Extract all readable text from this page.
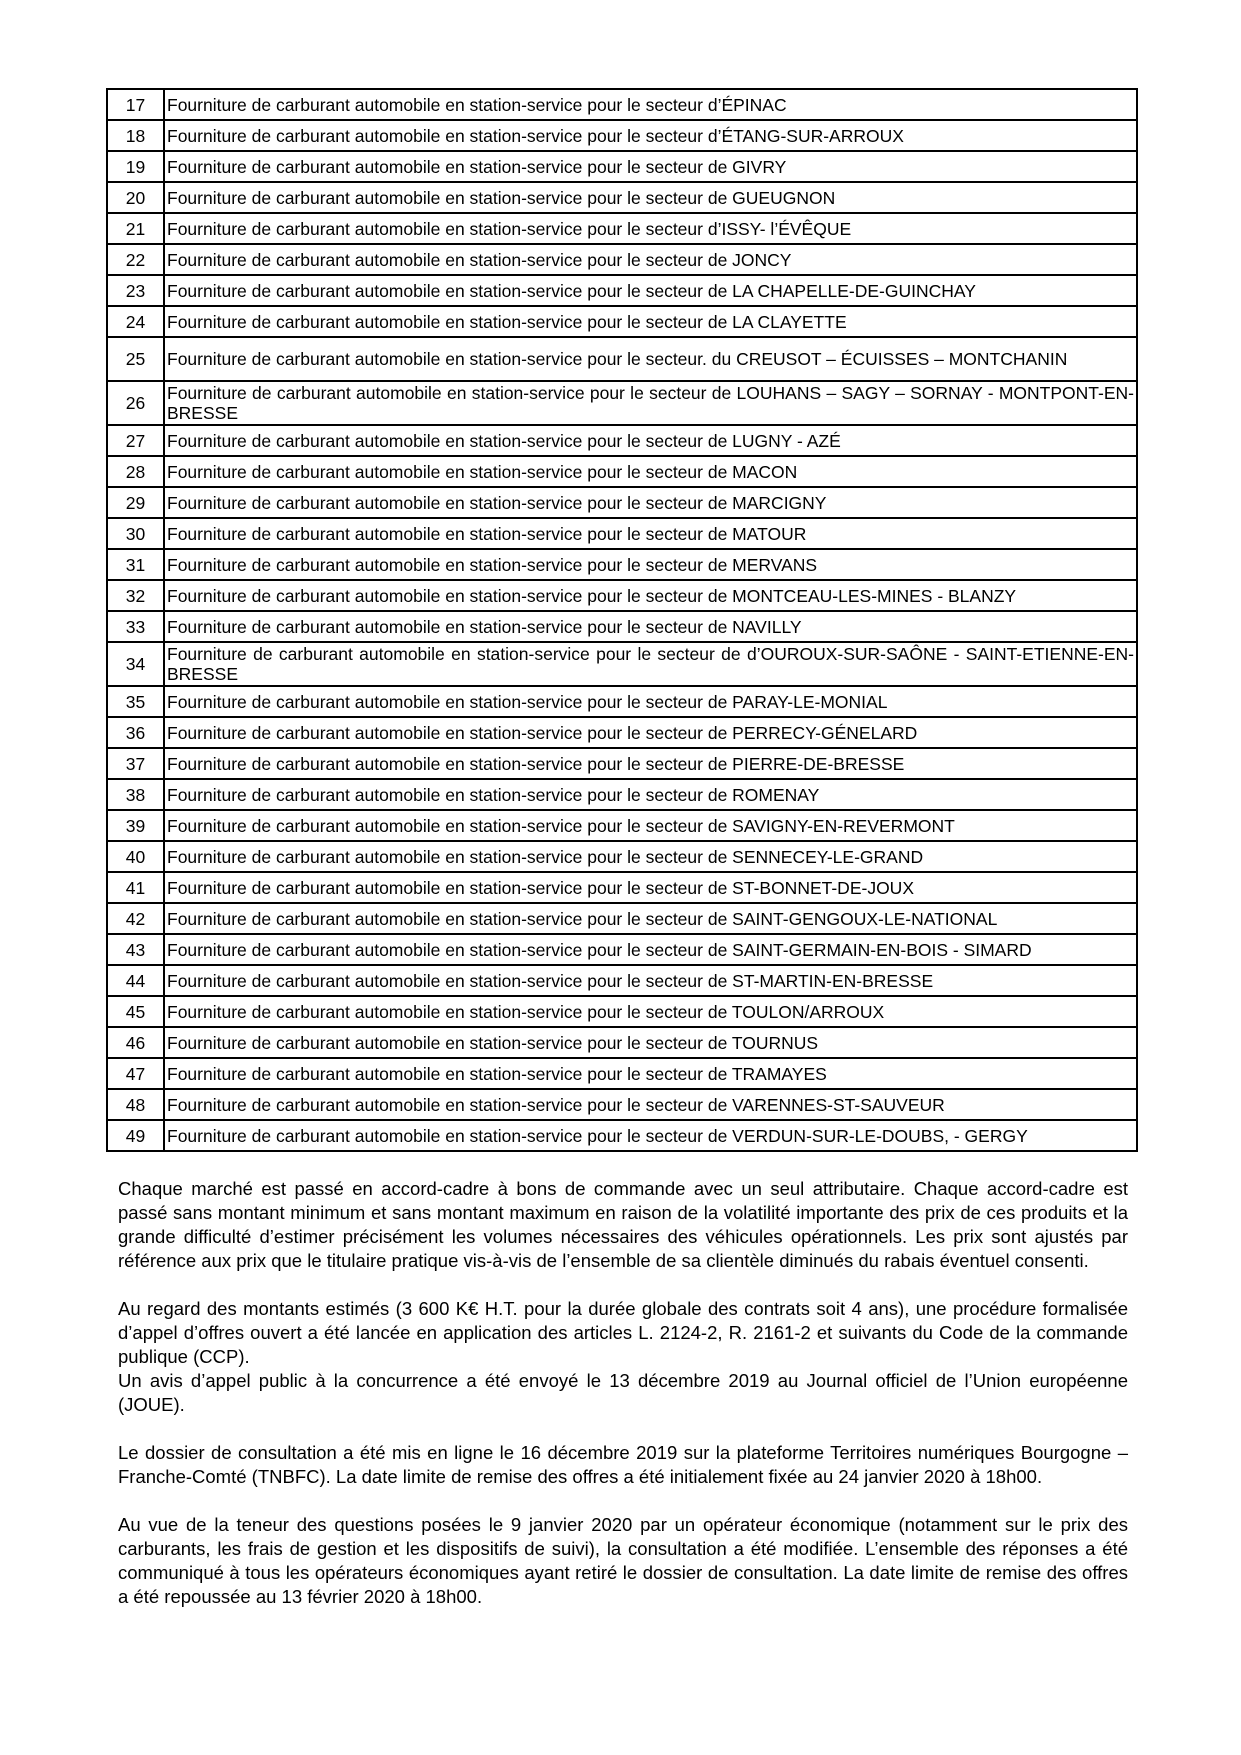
17	Fourniture de carburant automobile en station-service pour le secteur d’ÉPINAC
18	Fourniture de carburant automobile en station-service pour le secteur d’ÉTANG-SUR-ARROUX
19	Fourniture de carburant automobile en station-service pour le secteur de GIVRY
20	Fourniture de carburant automobile en station-service pour le secteur de GUEUGNON
21	Fourniture de carburant automobile en station-service pour le secteur d’ISSY- l’ÉVÊQUE
22	Fourniture de carburant automobile en station-service pour le secteur de JONCY
23	Fourniture de carburant automobile en station-service pour le secteur de LA CHAPELLE-DE-GUINCHAY
24	Fourniture de carburant automobile en station-service pour le secteur de LA CLAYETTE
25	Fourniture de carburant automobile en station-service pour le secteur. du CREUSOT – ÉCUISSES – MONTCHANIN
26	Fourniture de carburant automobile en station-service pour le secteur de LOUHANS – SAGY – SORNAY - MONTPONT-EN-BRESSE
27	Fourniture de carburant automobile en station-service pour le secteur de LUGNY - AZÉ
28	Fourniture de carburant automobile en station-service pour le secteur de MACON
29	Fourniture de carburant automobile en station-service pour le secteur de MARCIGNY
30	Fourniture de carburant automobile en station-service pour le secteur de MATOUR
31	Fourniture de carburant automobile en station-service pour le secteur de MERVANS
32	Fourniture de carburant automobile en station-service pour le secteur de MONTCEAU-LES-MINES - BLANZY
33	Fourniture de carburant automobile en station-service pour le secteur de NAVILLY
34	Fourniture de carburant automobile en station-service pour le secteur de d’OUROUX-SUR-SAÔNE - SAINT-ETIENNE-EN-BRESSE
35	Fourniture de carburant automobile en station-service pour le secteur de PARAY-LE-MONIAL
36	Fourniture de carburant automobile en station-service pour le secteur de PERRECY-GÉNELARD
37	Fourniture de carburant automobile en station-service pour le secteur de PIERRE-DE-BRESSE
38	Fourniture de carburant automobile en station-service pour le secteur de ROMENAY
39	Fourniture de carburant automobile en station-service pour le secteur de SAVIGNY-EN-REVERMONT
40	Fourniture de carburant automobile en station-service pour le secteur de SENNECEY-LE-GRAND
41	Fourniture de carburant automobile en station-service pour le secteur de ST-BONNET-DE-JOUX
42	Fourniture de carburant automobile en station-service pour le secteur de SAINT-GENGOUX-LE-NATIONAL
43	Fourniture de carburant automobile en station-service pour le secteur de SAINT-GERMAIN-EN-BOIS - SIMARD
44	Fourniture de carburant automobile en station-service pour le secteur de ST-MARTIN-EN-BRESSE
45	Fourniture de carburant automobile en station-service pour le secteur de TOULON/ARROUX
46	Fourniture de carburant automobile en station-service pour le secteur de TOURNUS
47	Fourniture de carburant automobile en station-service pour le secteur de TRAMAYES
48	Fourniture de carburant automobile en station-service pour le secteur de VARENNES-ST-SAUVEUR
49	Fourniture de carburant automobile en station-service pour le secteur de VERDUN-SUR-LE-DOUBS, - GERGY

Chaque marché est passé en accord-cadre à bons de commande avec un seul attributaire. Chaque accord-cadre est passé sans montant minimum et sans montant maximum en raison de la volatilité importante des prix de ces produits et la grande difficulté d’estimer précisément les volumes nécessaires des véhicules opérationnels. Les prix sont ajustés par référence aux prix que le titulaire pratique vis-à-vis de l’ensemble de sa clientèle diminués du rabais éventuel consenti.

Au regard des montants estimés (3 600 K€ H.T. pour la durée globale des contrats soit 4 ans), une procédure formalisée d’appel d’offres ouvert a été lancée en application des articles L. 2124-2, R. 2161-2 et suivants du Code de la commande publique (CCP).

Un avis d’appel public à la concurrence a été envoyé le 13 décembre 2019 au Journal officiel de l’Union européenne (JOUE).

Le dossier de consultation a été mis en ligne le 16 décembre 2019 sur la plateforme Territoires numériques Bourgogne – Franche-Comté (TNBFC). La date limite de remise des offres a été initialement fixée au 24 janvier 2020 à 18h00.

Au vue de la teneur des questions posées le 9 janvier 2020 par un opérateur économique (notamment sur le prix des carburants, les frais de gestion et les dispositifs de suivi), la consultation a été modifiée. L’ensemble des réponses a été communiqué à tous les opérateurs économiques ayant retiré le dossier de consultation. La date limite de remise des offres a été repoussée au 13 février 2020 à 18h00.
